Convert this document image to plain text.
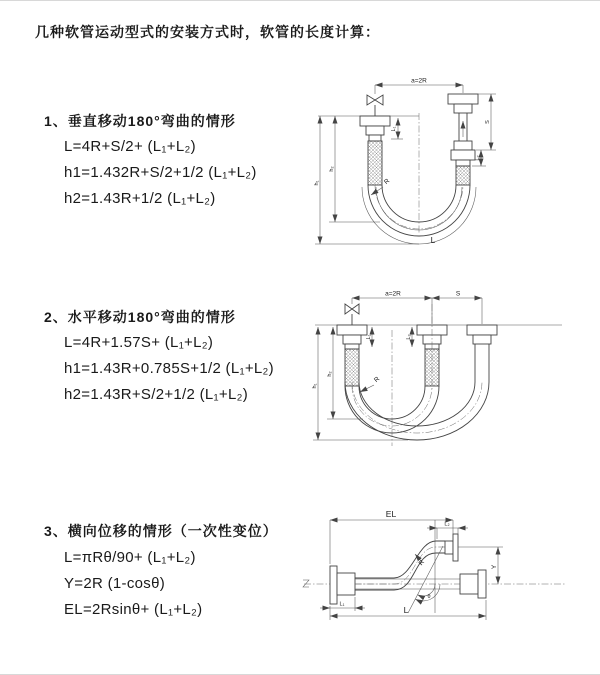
几种软管运动型式的安装方式时，软管的长度计算：
1、垂直移动180°弯曲的情形
L=4R+S/2+ (L₁+L₂)
h1=1.432R+S/2+1/2 (L₁+L₂)
h2=1.43R+1/2 (L₁+L₂)
2、水平移动180°弯曲的情形
L=4R+1.57S+ (L₁+L₂)
h1=1.43R+0.785S+1/2 (L₁+L₂)
h2=1.43R+S/2+1/2 (L₁+L₂)
3、横向位移的情形（一次性变位）
L=πRθ/90+ (L₁+L₂)
Y=2R (1-cosθ)
EL=2Rsinθ+ (L₁+L₂)
a=2R
L₁
R
L
h₂
h₁
S
L₂
a=2R	S
L₁	L₂
R
h₂
h₁
EL
L₂
θ
R	Y
L
L₁
